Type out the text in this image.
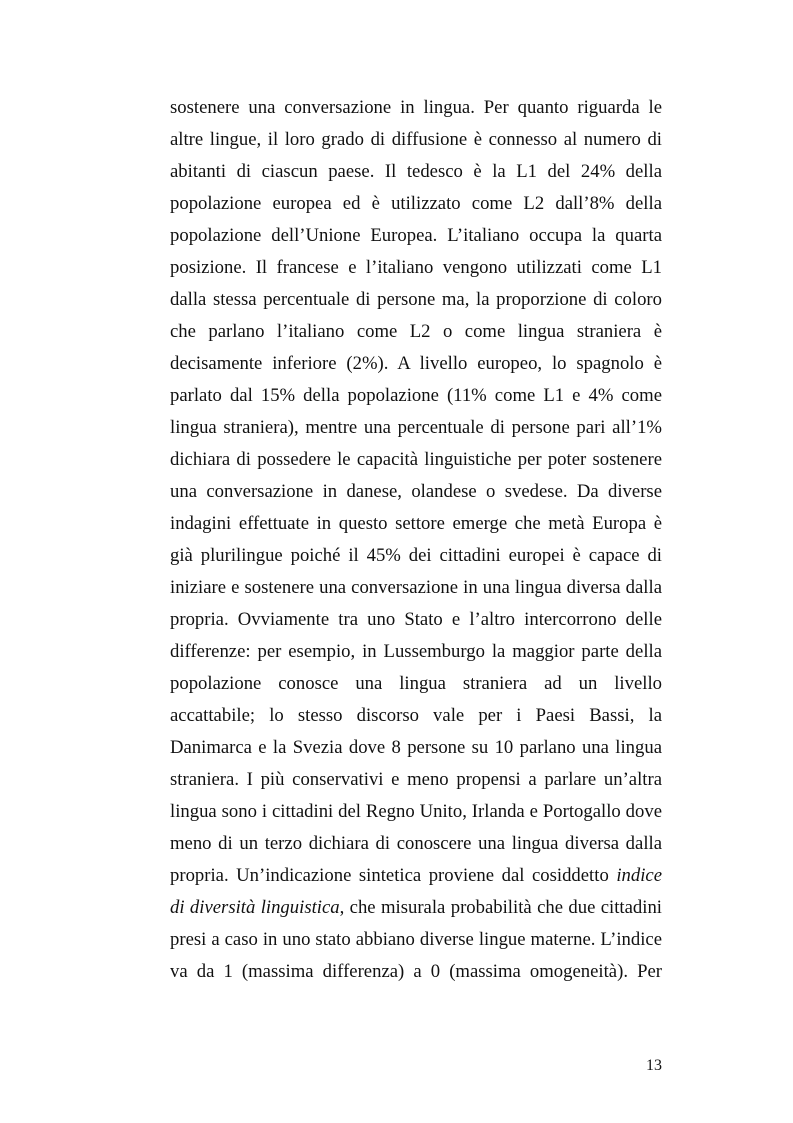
sostenere una conversazione in lingua. Per quanto riguarda le
altre lingue, il loro grado di diffusione è connesso al numero di
abitanti di ciascun paese. Il tedesco è la L1 del 24% della
popolazione europea ed è utilizzato come L2 dall’8% della
popolazione dell’Unione Europea. L’italiano occupa la quarta
posizione. Il francese e l’italiano vengono utilizzati come L1
dalla stessa percentuale di persone ma, la proporzione di coloro
che parlano l’italiano come L2 o come lingua straniera è
decisamente inferiore (2%). A livello europeo, lo spagnolo è
parlato dal 15% della popolazione (11% come L1 e 4% come
lingua straniera), mentre una percentuale di persone pari all’1%
dichiara di possedere le capacità linguistiche per poter sostenere
una conversazione in danese, olandese o svedese. Da diverse
indagini effettuate in questo settore emerge che metà Europa è
già plurilingue poiché il 45% dei cittadini europei è capace di
iniziare e sostenere una conversazione in una lingua diversa dalla
propria. Ovviamente tra uno Stato e l’altro intercorrono delle
differenze: per esempio, in Lussemburgo la maggior parte della
popolazione conosce una lingua straniera ad un livello
accattabile; lo stesso discorso vale per i Paesi Bassi, la
Danimarca e la Svezia dove 8 persone su 10 parlano una lingua
straniera. I più conservativi e meno propensi a parlare un’altra
lingua sono i cittadini del Regno Unito, Irlanda e Portogallo dove
meno di un terzo dichiara di conoscere una lingua diversa dalla
propria. Un’indicazione sintetica proviene dal cosiddetto indice
di diversità linguistica, che misurala probabilità che due cittadini
presi a caso in uno stato abbiano diverse lingue materne. L’indice
va da 1 (massima differenza) a 0 (massima omogeneità). Per
13
